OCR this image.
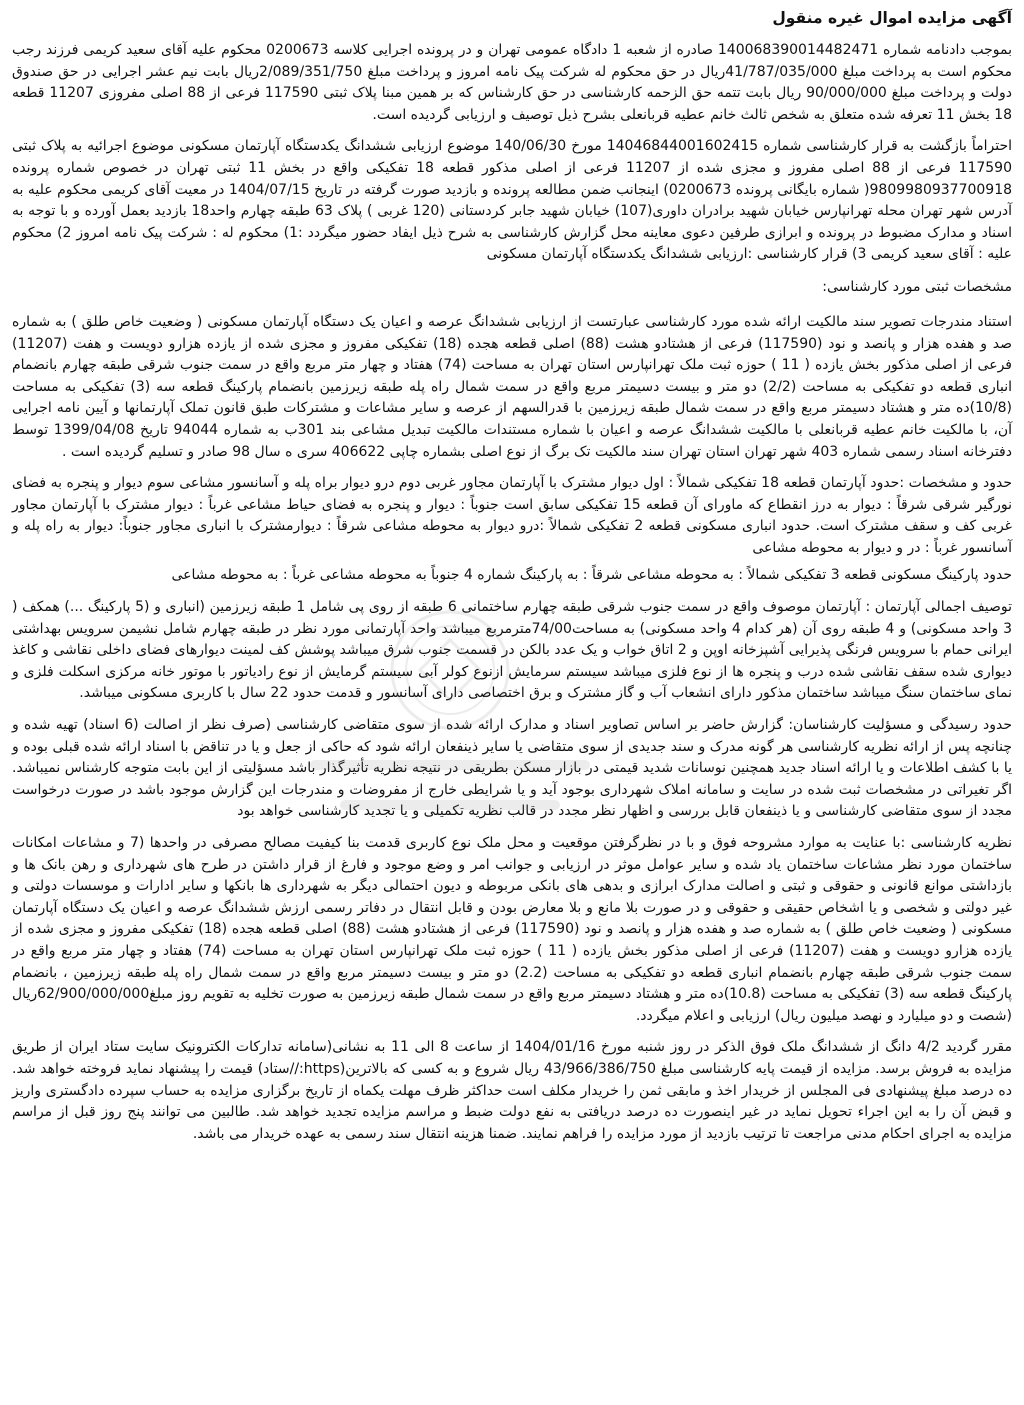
آگهی مزایده اموال غیره منقول

بموجب دادنامه شماره 140068390014482471 صادره از شعبه 1 دادگاه عمومی تهران و در پرونده اجرایی کلاسه 0200673 محکوم علیه آقای سعید کریمی فرزند رجب محکوم است به پرداخت مبلغ 41/787/035/000ریال در حق محکوم له شرکت پیک نامه امروز و پرداخت مبلغ 2/089/351/750ریال بابت نیم عشر اجرایی در حق صندوق دولت و پرداخت مبلغ 90/000/000 ریال بابت تتمه حق الزحمه کارشناسی در حق کارشناس که بر همین مبنا پلاک ثبتی 117590 فرعی از 88 اصلی مفروزی 11207 قطعه 18 بخش 11 تعرفه شده متعلق به شخص ثالث خانم عطیه قربانعلی بشرح ذیل توصیف و ارزیابی گردیده است.

احتراماً بازگشت به قرار کارشناسی شماره 14046844001602415 مورخ 140/06/30 موضوع ارزیابی ششدانگ یکدستگاه آپارتمان مسکونی موضوع اجرائیه به پلاک ثبتی 117590 فرعی از 88 اصلی مفروز و مجزی شده از 11207 فرعی از اصلی مذکور قطعه 18 تفکیکی واقع در بخش 11 ثبتی تهران در خصوص شماره پرونده 9809980937700918( شماره بایگانی پرونده 0200673) اینجانب ضمن مطالعه پرونده و بازدید صورت گرفته در تاریخ 1404/07/15 در معیت آقای کریمی محکوم علیه به آدرس شهر تهران محله تهرانپارس خیابان شهید برادران داوری(107) خیابان شهید جابر کردستانی (120 غربی ) پلاک 63 طبقه چهارم واحد18 بازدید بعمل آورده و با توجه به اسناد و مدارک مضبوط در پرونده و ابرازی طرفین دعوی معاینه محل گزارش کارشناسی به شرح ذیل ایفاد حضور میگردد :1) محکوم له : شرکت پیک نامه امروز 2) محکوم علیه : آقای سعید کریمی 3) قرار کارشناسی :ارزیابی ششدانگ یکدستگاه آپارتمان مسکونی

مشخصات ثبتی مورد کارشناسی:

استناد مندرجات تصویر سند مالکیت ارائه شده مورد کارشناسی عبارتست از ارزیابی ششدانگ عرصه و اعیان یک دستگاه آپارتمان مسکونی ( وضعیت خاص طلق ) به شماره صد و هفده هزار و پانصد و نود (117590) فرعی از هشتادو هشت (88) اصلی قطعه هجده (18) تفکیکی مفروز و مجزی شده از یازده هزارو دویست و هفت (11207) فرعی از اصلی مذکور بخش یازده ( 11 ) حوزه ثبت ملک تهرانپارس استان تهران به مساحت (74) هفتاد و چهار متر مربع واقع در سمت جنوب شرقی طبقه چهارم بانضمام انباری قطعه دو تفکیکی به مساحت (2/2) دو متر و بیست دسیمتر مربع واقع در سمت شمال راه پله طبقه زیرزمین بانضمام پارکینگ قطعه سه (3) تفکیکی به مساحت (10/8)ده متر و هشتاد دسیمتر مربع واقع در سمت شمال طبقه زیرزمین با قدرالسهم از عرصه و سایر مشاعات و مشترکات طبق قانون تملک آپارتمانها و آیین نامه اجرایی آن، با مالکیت خانم عطیه قربانعلی با مالکیت ششدانگ عرصه و اعیان با شماره مستندات مالکیت تبدیل مشاعی بند 301ب به شماره 94044 تاریخ 1399/04/08 توسط دفترخانه اسناد رسمی شماره 403 شهر تهران استان تهران سند مالکیت تک برگ از نوع اصلی بشماره چاپی 406622 سری ه سال 98 صادر و تسلیم گردیده است .

حدود و مشخصات :حدود آپارتمان قطعه 18 تفکیکی شمالاً : اول دیوار مشترک با آپارتمان مجاور غربی دوم درو دیوار براه پله و آسانسور مشاعی سوم دیوار و پنجره به فضای نورگیر شرقی شرقاً : دیوار به درز انقطاع که ماورای آن قطعه 15 تفکیکی سابق است جنوباً : دیوار و پنجره به فضای حیاط مشاعی غرباً : دیوار مشترک با آپارتمان مجاور غربی کف و سقف مشترک است. حدود انباری مسکونی قطعه 2 تفکیکی شمالاً :درو دیوار به محوطه مشاعی شرقاً : دیوارمشترک با انباری مجاور جنوباً: دیوار به راه پله و آسانسور غرباً : در و دیوار به محوطه مشاعی

حدود پارکینگ مسکونی قطعه 3 تفکیکی شمالاً : به محوطه مشاعی شرقاً : به پارکینگ شماره 4 جنوباً به محوطه مشاعی غرباً : به محوطه مشاعی

توصیف اجمالی آپارتمان : آپارتمان موصوف واقع در سمت جنوب شرقی طبقه چهارم ساختمانی 6 طبقه از روی پی شامل 1 طبقه زیرزمین (انباری و (5 پارکینگ ...) همکف ( 3 واحد مسکونی) و 4 طبقه روی آن (هر کدام 4 واحد مسکونی) به مساحت74/00مترمربع میباشد واحد آپارتمانی مورد نظر در طبقه چهارم شامل نشیمن سرویس بهداشتی ایرانی حمام با سرویس فرنگی پذیرایی آشپزخانه اوپن و 2 اتاق خواب و یک عدد بالکن در قسمت جنوب شرق میباشد پوشش کف لمینت دیوارهای فضای داخلی نقاشی و کاغذ دیواری شده سقف نقاشی شده درب و پنجره ها از نوع فلزی میباشد سیستم سرمایش ازنوع کولر آبی سیستم گرمایش از نوع رادیاتور با موتور خانه مرکزی اسکلت فلزی و نمای ساختمان سنگ میباشد ساختمان مذکور دارای انشعاب آب و گاز مشترک و برق اختصاصی دارای آسانسور و قدمت حدود 22 سال با کاربری مسکونی میباشد.

حدود رسیدگی و مسؤلیت کارشناسان: گزارش حاضر بر اساس تصاویر اسناد و مدارک ارائه شده از سوی متقاضی کارشناسی (صرف نظر از اصالت (6 اسناد) تهیه شده و چنانچه پس از ارائه نظریه کارشناسی هر گونه مدرک و سند جدیدی از سوی متقاضی یا سایر ذینفعان ارائه شود که حاکی از جعل و یا در تناقض با اسناد ارائه شده قبلی بوده و یا با کشف اطلاعات و یا ارائه اسناد جدید همچنین نوسانات شدید قیمتی در بازار مسکن بطریقی در نتیجه نظریه تأثیرگذار باشد مسؤلیتی از این بابت متوجه کارشناس نمیباشد. اگر تغیراتی در مشخصات ثبت شده در سایت و سامانه املاک شهرداری بوجود آید و یا شرایطی خارج از مفروضات و مندرجات این گزارش موجود باشد در صورت درخواست مجدد از سوی متقاضی کارشناسی و یا ذینفعان قابل بررسی و اظهار نظر مجدد در قالب نظریه تکمیلی و یا تجدید کارشناسی خواهد بود

نظریه کارشناسی :با عنایت به موارد مشروحه فوق و با در نظرگرفتن موقعیت و محل ملک نوع کاربری قدمت بنا کیفیت مصالح مصرفی در واحدها (7 و مشاعات امکانات ساختمان مورد نظر مشاعات ساختمان یاد شده و سایر عوامل موثر در ارزیابی و جوانب امر و وضع موجود و فارغ از قرار داشتن در طرح های شهرداری و رهن بانک ها و بازداشتی موانع قانونی و حقوقی و ثبتی و اصالت مدارک ابرازی و بدهی های بانکی مربوطه و دیون احتمالی دیگر به شهرداری ها بانکها و سایر ادارات و موسسات دولتی و غیر دولتی و شخصی و یا اشخاص حقیقی و حقوقی و در صورت بلا مانع و بلا معارض بودن و قابل انتقال در دفاتر رسمی ارزش ششدانگ عرصه و اعیان یک دستگاه آپارتمان مسکونی ( وضعیت خاص طلق ) به شماره صد و هفده هزار و پانصد و نود (117590) فرعی از هشتادو هشت (88) اصلی قطعه هجده (18) تفکیکی مفروز و مجزی شده از یازده هزارو دویست و هفت (11207) فرعی از اصلی مذکور بخش یازده ( 11 ) حوزه ثبت ملک تهرانپارس استان تهران به مساحت (74) هفتاد و چهار متر مربع واقع در سمت جنوب شرقی طبقه چهارم بانضمام انباری قطعه دو تفکیکی به مساحت (2.2) دو متر و بیست دسیمتر مربع واقع در سمت شمال راه پله طبقه زیرزمین ، بانضمام پارکینگ قطعه سه (3) تفکیکی به مساحت (10.8)ده متر و هشتاد دسیمتر مربع واقع در سمت شمال طبقه زیرزمین به صورت تخلیه به تقویم روز مبلغ62/900/000/000ریال (شصت و دو میلیارد و نهصد میلیون ریال) ارزیابی و اعلام میگردد.

مقرر گردید 4/2 دانگ از ششدانگ ملک فوق الذکر در روز شنبه مورخ 1404/01/16 از ساعت 8 الی 11 به نشانی(سامانه تدارکات الکترونیک سایت ستاد ایران از طریق مزایده به فروش برسد. مزایده از قیمت پایه کارشناسی مبلغ 43/966/386/750 ریال شروع و به کسی که بالاترین(https://ستاد) قیمت را پیشنهاد نماید فروخته خواهد شد. ده درصد مبلغ پیشنهادی فی المجلس از خریدار اخذ و مابقی ثمن را خریدار مکلف است حداکثر ظرف مهلت یکماه از تاریخ برگزاری مزایده به حساب سپرده دادگستری واریز و قبض آن را به این اجراء تحویل نماید در غیر اینصورت ده درصد دریافتی به نفع دولت ضبط و مراسم مزایده تجدید خواهد شد. طالبین می توانند پنج روز قبل از مراسم مزایده به اجرای احکام مدنی مراجعت تا ترتیب بازدید از مورد مزایده را فراهم نمایند. ضمنا هزینه انتقال سند رسمی به عهده خریدار می باشد.
